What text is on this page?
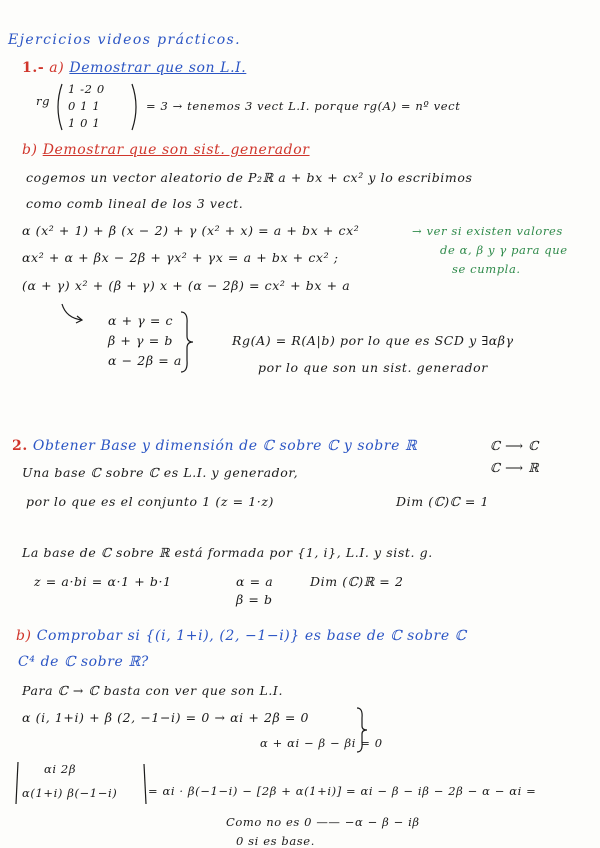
Ejercicios videos prácticos.
1.- a) Demostrar que son L.I.
rg
1 -2 0
0 1 1
1 0 1
= 3 → tenemos 3 vect L.I. porque rg(A) = nº vect
b) Demostrar que son sist. generador
cogemos un vector aleatorio de P₂ℝ a + bx + cx² y lo escribimos
como comb lineal de los 3 vect.
α (x² + 1) + β (x − 2) + γ (x² + x) = a + bx + cx²
αx² + α + βx − 2β + γx² + γx = a + bx + cx² ;
(α + γ) x² + (β + γ) x + (α − 2β) = cx² + bx + a
→ ver si existen valores
de α, β y γ para que
se cumpla.
α + γ = c
β + γ = b
α − 2β = a
Rg(A) = R(A|b) por lo que es SCD y ∃αβγ
por lo que son un sist. generador
2. Obtener Base y dimensión de ℂ sobre ℂ y sobre ℝ	ℂ ⟶ ℂ
ℂ ⟶ ℝ
Una base ℂ sobre ℂ es L.I. y generador,
por lo que es el conjunto 1 (z = 1·z)	Dim (ℂ)ℂ = 1
La base de ℂ sobre ℝ está formada por {1, i}, L.I. y sist. g.
z = a·bi = α·1 + b·1	α = a
β = b
Dim (ℂ)ℝ = 2
b) Comprobar si {(i, 1+i), (2, −1−i)} es base de ℂ sobre ℂ
C⁴ de ℂ sobre ℝ?
Para ℂ → ℂ basta con ver que son L.I.
α (i, 1+i) + β (2, −1−i) = 0 → αi + 2β = 0
α + αi − β − βi = 0
αi 2β
α(1+i) β(−1−i)	= αi · β(−1−i) − [2β + α(1+i)] = αi − β − iβ − 2β − α − αi =
Como no es 0 —— −α − β − iβ
0 si es base.
